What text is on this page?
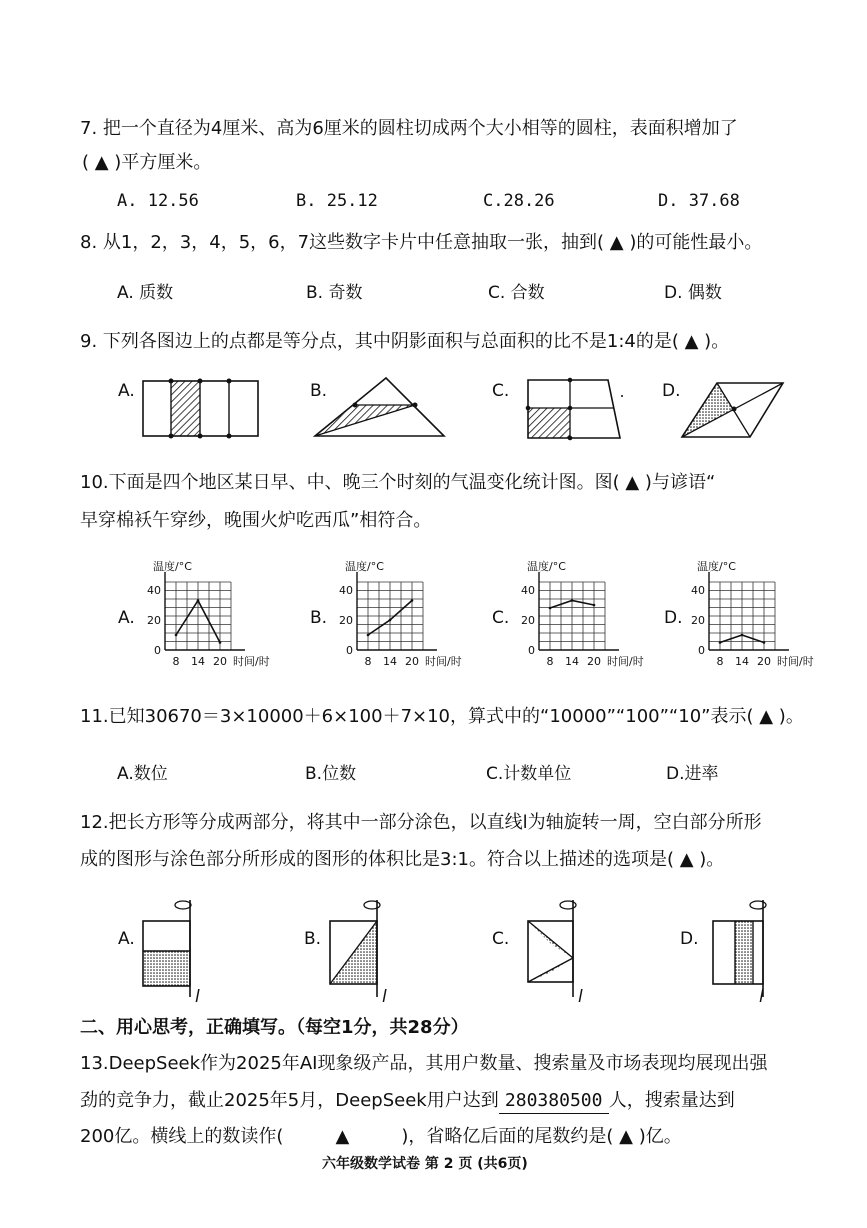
7. 把一个直径为4厘米、高为6厘米的圆柱切成两个大小相等的圆柱，表面积增加了
( ▲ )平方厘米。
A. 12.56	B. 25.12	C.28.26	D. 37.68
8. 从1，2，3，4，5，6，7这些数字卡片中任意抽取一张，抽到( ▲ )的可能性最小。
A. 质数	B. 奇数	C. 合数	D. 偶数
9. 下列各图边上的点都是等分点，其中阴影面积与总面积的比不是1:4的是( ▲ )。
A.	B.	C.	D.
10.下面是四个地区某日早、中、晚三个时刻的气温变化统计图。图( ▲ )与谚语“
早穿棉袄午穿纱，晚围火炉吃西瓜”相符合。
A.	B.	C.	D.
0
20
40
8 14 20
温度/°C
时间/时
0
20
40
8 14 20
温度/°C
时间/时
0
20
40
8 14 20
温度/°C
时间/时
0
20
40
8 14 20
温度/°C
时间/时
11.已知30670＝3×10000＋6×100＋7×10，算式中的“10000”“100”“10”表示( ▲ )。
A.数位	B.位数	C.计数单位	D.进率
12.把长方形等分成两部分，将其中一部分涂色，以直线l为轴旋转一周，空白部分所形
成的图形与涂色部分所形成的图形的体积比是3:1。符合以上描述的选项是( ▲ )。
A.	B.	C.	D.
l	l	l	l
二、用心思考，正确填写。（每空1分，共28分）
13.DeepSeek作为2025年AI现象级产品，其用户数量、搜索量及市场表现均展现出强
劲的竞争力，截止2025年5月，DeepSeek用户达到 280380500 人，搜索量达到
200亿。横线上的数读作(	▲	)，省略亿后面的尾数约是( ▲ )亿。
六年级数学试卷 第 2 页 (共6页)
